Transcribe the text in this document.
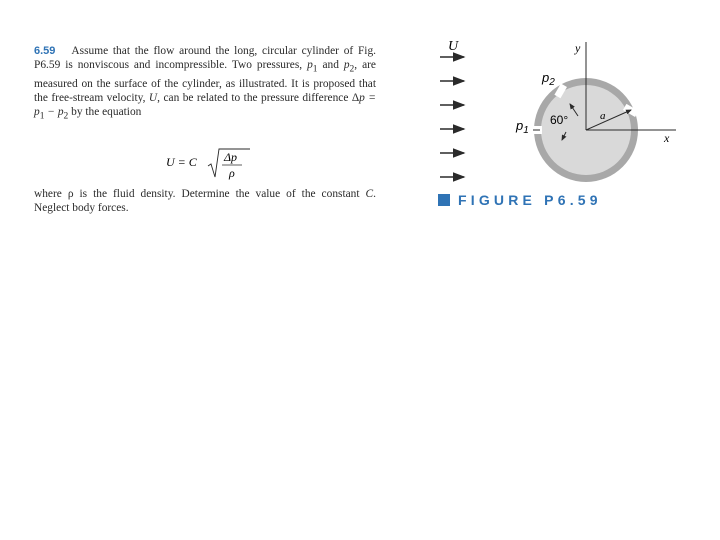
6.59 Assume that the flow around the long, circular cylinder of Fig. P6.59 is nonviscous and incompressible. Two pressures, $p_1$ and $p_2$, are measured on the surface of the cylinder, as illustrated. It is proposed that the free-stream velocity, U, can be related to the pressure difference $\Delta p = p_1 - p_2$ by the equation
U = C Δp
ρ
where ρ is the fluid density. Determine the value of the constant C. Neglect body forces.
U	y
x
a
60°
$p_2$
$p_1$
FIGURE P6.59
